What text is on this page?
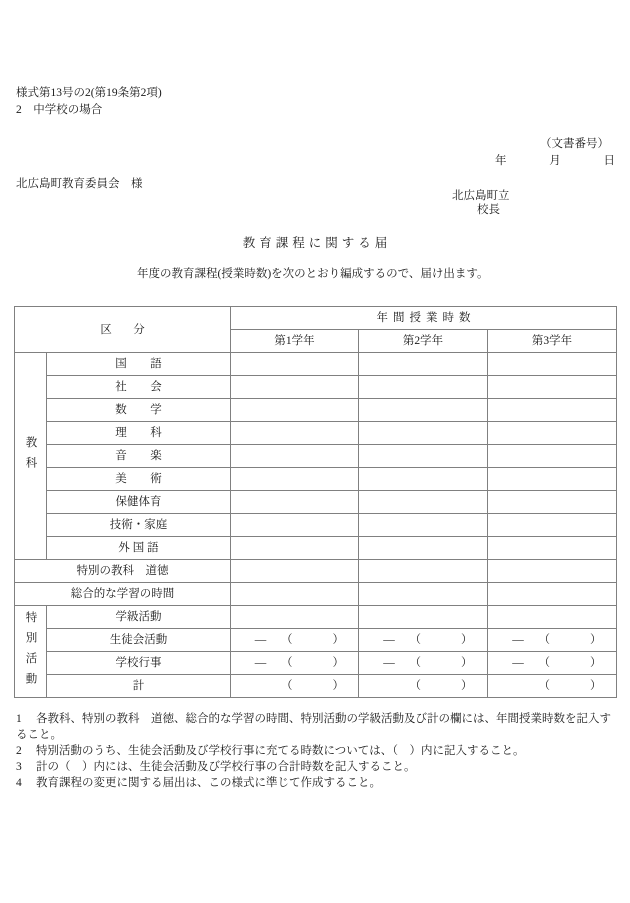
様式第13号の2(第19条第2項)
2　中学校の場合
（文書番号）
年	月	日
北広島町教育委員会　様
北広島町立
校長
教育課程に関する届
年度の教育課程(授業時数)を次のとおり編成するので、届け出ます。
区　分		年間授業時数		
		第1学年	第2学年	第3学年
教科	国　語			
	社　会			
	数　学			
	理　科			
	音　楽			
	美　術			
	保健体育			
	技術・家庭			
	外 国 語			
特別の教科　道徳				
総合的な学習の時間				
特別活動	学級活動			
	生徒会活動	— （ ）	— （ ）	— （ ）

	学校行事	— （ ）	— （ ）	— （ ）

	計	（ ）	（ ）	（ ）
1 各教科、特別の教科　道徳、総合的な学習の時間、特別活動の学級活動及び計の欄には、年間授業時数を記入すること。
2 特別活動のうち、生徒会活動及び学校行事に充てる時数については、（　）内に記入すること。
3 計の（　）内には、生徒会活動及び学校行事の合計時数を記入すること。
4 教育課程の変更に関する届出は、この様式に準じて作成すること。
